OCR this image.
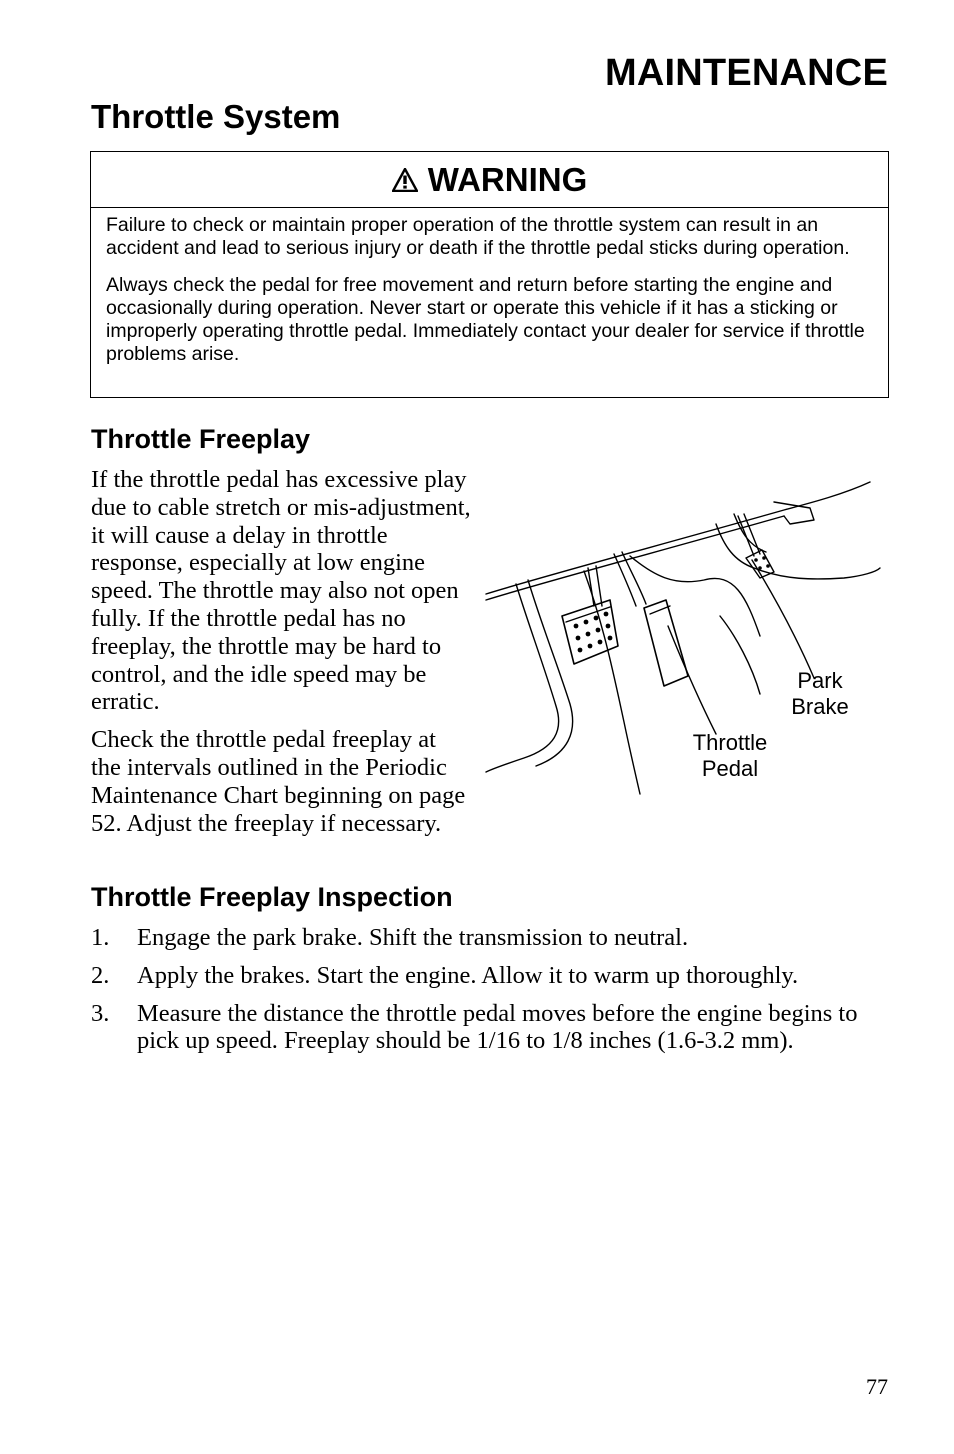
MAINTENANCE
Throttle System
WARNING

Failure to check or maintain proper operation of the throttle system can result in an accident and lead to serious injury or death if the throttle pedal sticks during operation.

Always check the pedal for free movement and return before starting the engine and occasionally during operation. Never start or operate this vehicle if it has a sticking or improperly operating throttle pedal. Immediately contact your dealer for service if throttle problems arise.

Throttle Freeplay

If the throttle pedal has excessive play due to cable stretch or mis-adjustment, it will cause a delay in throttle response, especially at low engine speed. The throttle may also not open fully. If the throttle pedal has no freeplay, the throttle may be hard to control, and the idle speed may be erratic.

Check the throttle pedal freeplay at the intervals outlined in the Periodic Maintenance Chart beginning on page 52. Adjust the freeplay if necessary.

Park
Brake
Throttle
Pedal
Throttle Freeplay Inspection
1. Engage the park brake. Shift the transmission to neutral.
2. Apply the brakes. Start the engine. Allow it to warm up thoroughly.
3. Measure the distance the throttle pedal moves before the engine begins to pick up speed. Freeplay should be 1/16 to 1/8 inches (1.6-3.2 mm).
77
